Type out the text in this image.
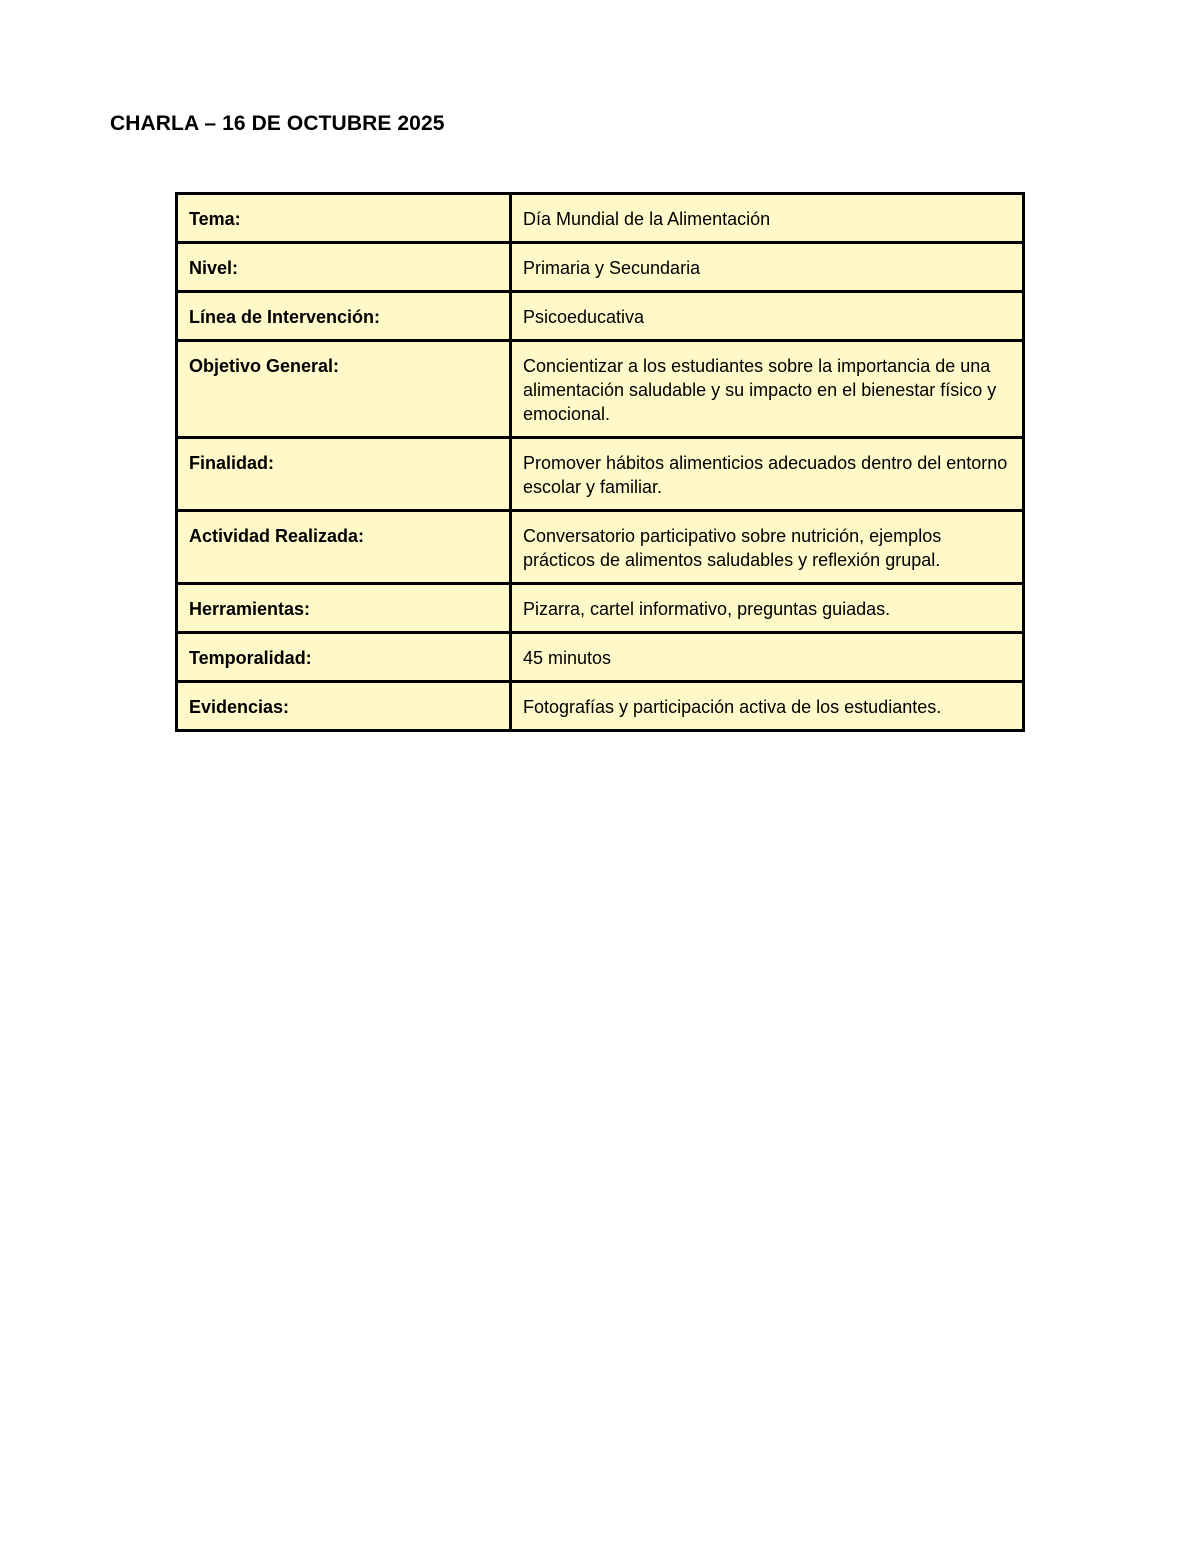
CHARLA – 16 DE OCTUBRE 2025
Tema:	Día Mundial de la Alimentación
Nivel:	Primaria y Secundaria
Línea de Intervención:	Psicoeducativa
Objetivo General:	Concientizar a los estudiantes sobre la importancia de una alimentación saludable y su impacto en el bienestar físico y emocional.
Finalidad:	Promover hábitos alimenticios adecuados dentro del entorno escolar y familiar.
Actividad Realizada:	Conversatorio participativo sobre nutrición, ejemplos prácticos de alimentos saludables y reflexión grupal.
Herramientas:	Pizarra, cartel informativo, preguntas guiadas.
Temporalidad:	45 minutos
Evidencias:	Fotografías y participación activa de los estudiantes.
